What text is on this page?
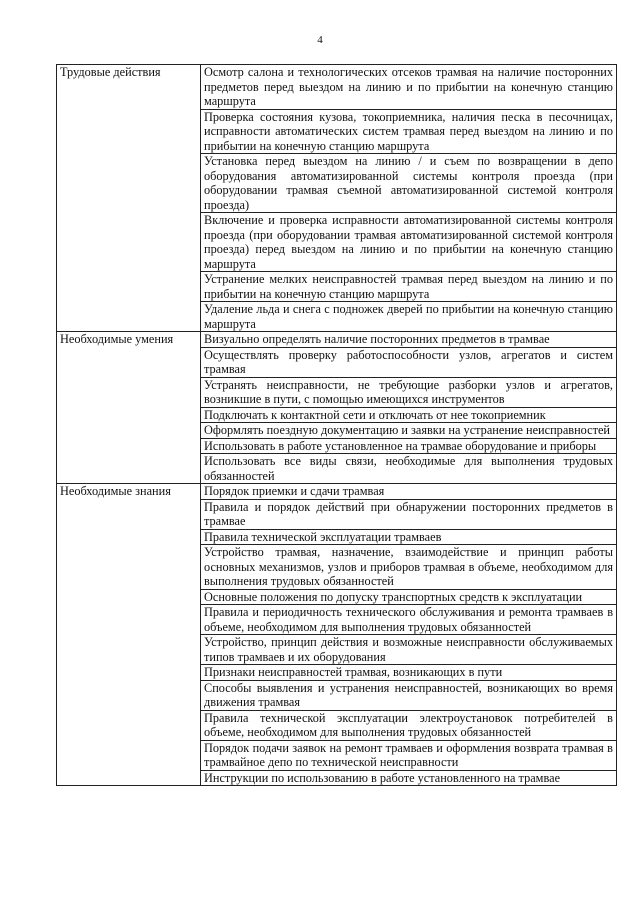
4
Трудовые действия	Осмотр салона и технологических отсеков трамвая на наличие посторонних предметов перед выездом на линию и по прибытии на конечную станцию маршрута
	Проверка состояния кузова, токоприемника, наличия песка в песочницах, исправности автоматических систем трамвая перед выездом на линию и по прибытии на конечную станцию маршрута
	Установка перед выездом на линию / и съем по возвращении в депо оборудования автоматизированной системы контроля проезда (при оборудовании трамвая съемной автоматизированной системой контроля проезда)
	Включение и проверка исправности автоматизированной системы контроля проезда (при оборудовании трамвая автоматизированной системой контроля проезда) перед выездом на линию и по прибытии на конечную станцию маршрута
	Устранение мелких неисправностей трамвая перед выездом на линию и по прибытии на конечную станцию маршрута
	Удаление льда и снега с подножек дверей по прибытии на конечную станцию маршрута
Необходимые умения	Визуально определять наличие посторонних предметов в трамвае
	Осуществлять проверку работоспособности узлов, агрегатов и систем трамвая
	Устранять неисправности, не требующие разборки узлов и агрегатов, возникшие в пути, с помощью имеющихся инструментов
	Подключать к контактной сети и отключать от нее токоприемник
	Оформлять поездную документацию и заявки на устранение неисправностей
	Использовать в работе установленное на трамвае оборудование и приборы
	Использовать все виды связи, необходимые для выполнения трудовых обязанностей
Необходимые знания	Порядок приемки и сдачи трамвая
	Правила и порядок действий при обнаружении посторонних предметов в трамвае
	Правила технической эксплуатации трамваев
	Устройство трамвая, назначение, взаимодействие и принцип работы основных механизмов, узлов и приборов трамвая в объеме, необходимом для выполнения трудовых обязанностей
	Основные положения по допуску транспортных средств к эксплуатации
	Правила и периодичность технического обслуживания и ремонта трамваев в объеме, необходимом для выполнения трудовых обязанностей
	Устройство, принцип действия и возможные неисправности обслуживаемых типов трамваев и их оборудования
	Признаки неисправностей трамвая, возникающих в пути
	Способы выявления и устранения неисправностей, возникающих во время движения трамвая
	Правила технической эксплуатации электроустановок потребителей в объеме, необходимом для выполнения трудовых обязанностей
	Порядок подачи заявок на ремонт трамваев и оформления возврата трамвая в трамвайное депо по технической неисправности
	Инструкции по использованию в работе установленного на трамвае
